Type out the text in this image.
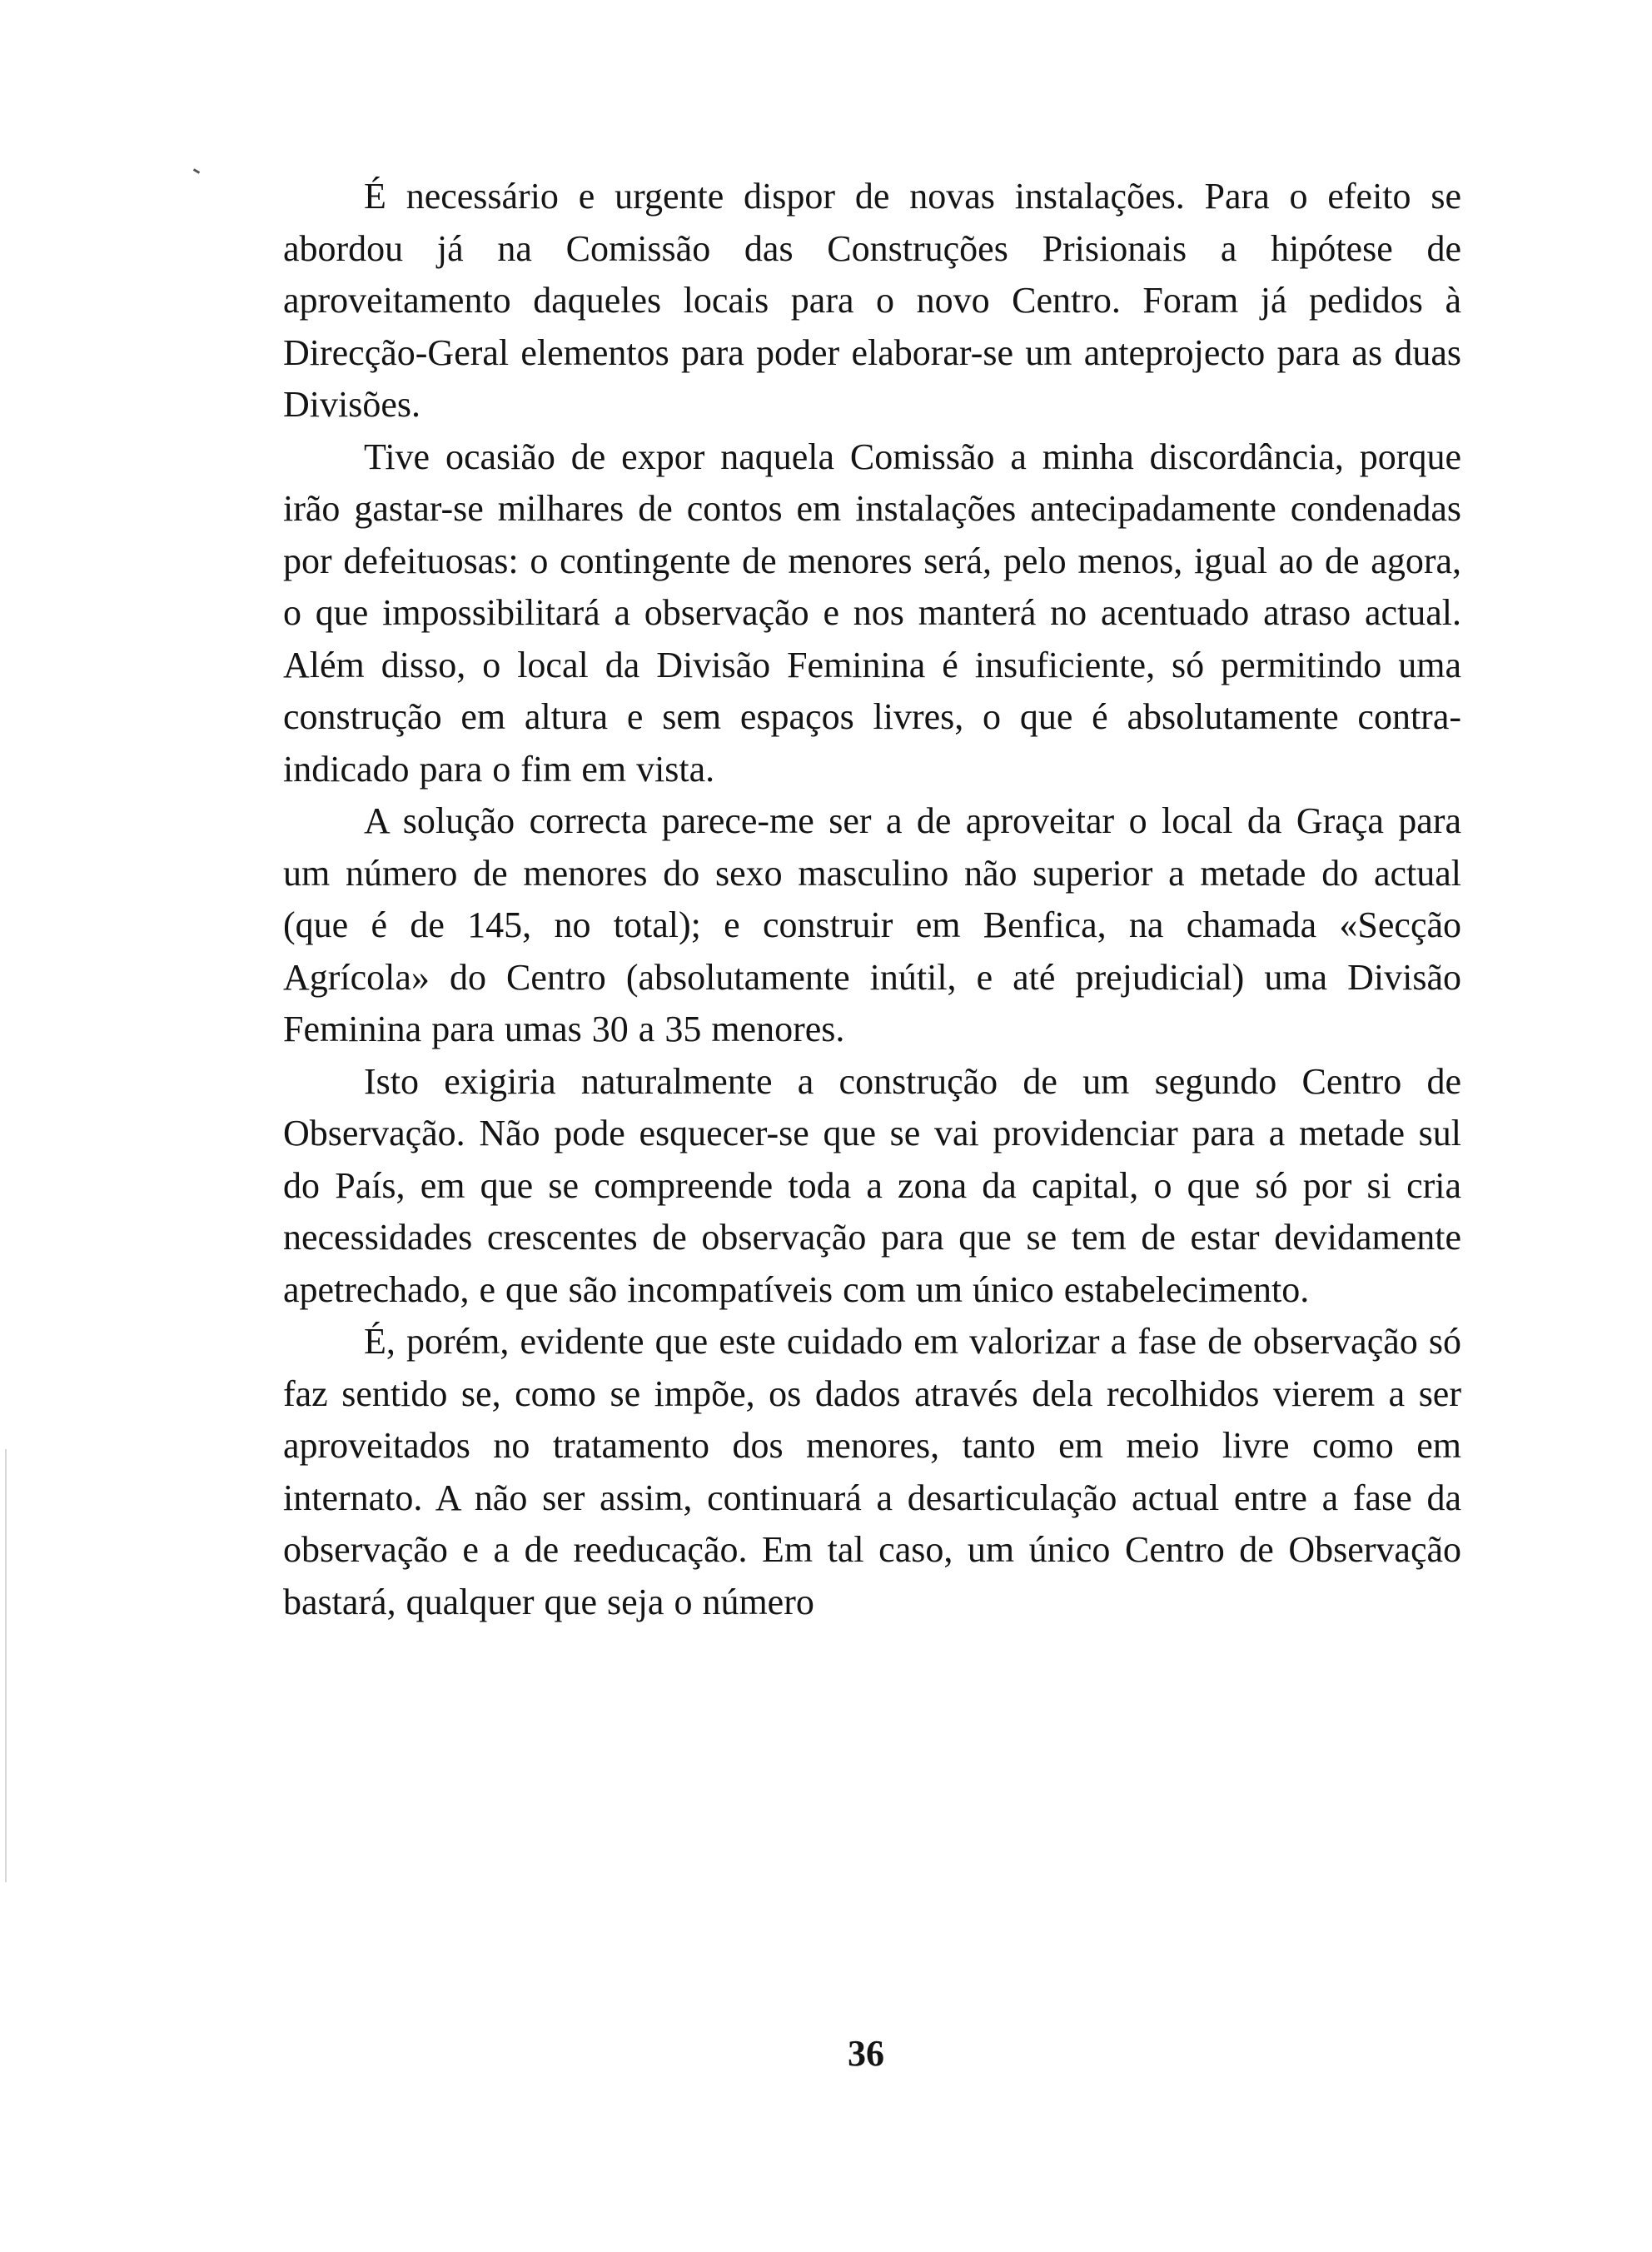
É necessário e urgente dispor de novas instalações. Para o efeito se abordou já na Comissão das Construções Prisionais a hipótese de aproveitamento daqueles locais para o novo Centro. Foram já pedidos à Direcção-Geral elementos para poder elaborar-se um anteprojecto para as duas Divisões.

Tive ocasião de expor naquela Comissão a minha discordância, porque irão gastar-se milhares de contos em instalações antecipadamente condenadas por defeituosas: o contingente de menores será, pelo menos, igual ao de agora, o que impossibilitará a observação e nos manterá no acentuado atraso actual. Além disso, o local da Divisão Feminina é insuficiente, só permitindo uma construção em altura e sem espaços livres, o que é absolutamente contra-indicado para o fim em vista.

A solução correcta parece-me ser a de aproveitar o local da Graça para um número de menores do sexo masculino não superior a metade do actual (que é de 145, no total); e construir em Benfica, na chamada «Secção Agrícola» do Centro (absolutamente inútil, e até prejudicial) uma Divisão Feminina para umas 30 a 35 menores.

Isto exigiria naturalmente a construção de um segundo Centro de Observação. Não pode esquecer-se que se vai providenciar para a metade sul do País, em que se compreende toda a zona da capital, o que só por si cria necessidades crescentes de observação para que se tem de estar devidamente apetrechado, e que são incompatíveis com um único estabelecimento.

É, porém, evidente que este cuidado em valorizar a fase de observação só faz sentido se, como se impõe, os dados através dela recolhidos vierem a ser aproveitados no tratamento dos menores, tanto em meio livre como em internato. A não ser assim, continuará a desarticulação actual entre a fase da observação e a de reeducação. Em tal caso, um único Centro de Observação bastará, qualquer que seja o número

36
